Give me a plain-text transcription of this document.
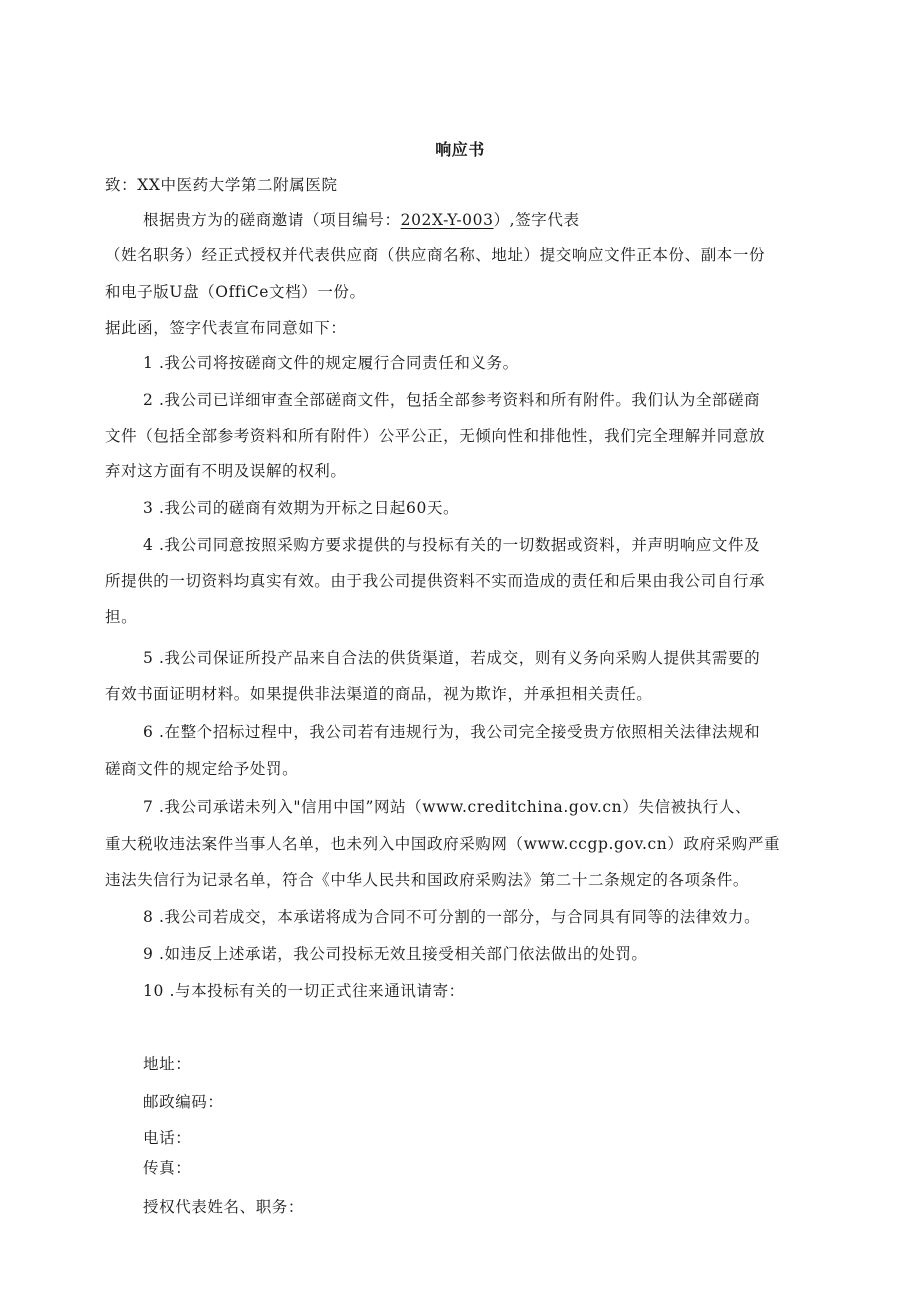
响应书
致：XX中医药大学第二附属医院
根据贵方为的磋商邀请（项目编号：202X-Y-003）,签字代表
（姓名职务）经正式授权并代表供应商（供应商名称、地址）提交响应文件正本份、副本一份
和电子版U盘（OffiCe文档）一份。
据此函，签字代表宣布同意如下：
1 .我公司将按磋商文件的规定履行合同责任和义务。
2 .我公司已详细审查全部磋商文件，包括全部参考资料和所有附件。我们认为全部磋商
文件（包括全部参考资料和所有附件）公平公正，无倾向性和排他性，我们完全理解并同意放
弃对这方面有不明及误解的权利。
3 .我公司的磋商有效期为开标之日起60天。
4 .我公司同意按照采购方要求提供的与投标有关的一切数据或资料，并声明响应文件及
所提供的一切资料均真实有效。由于我公司提供资料不实而造成的责任和后果由我公司自行承
担。
5 .我公司保证所投产品来自合法的供货渠道，若成交，则有义务向采购人提供其需要的
有效书面证明材料。如果提供非法渠道的商品，视为欺诈，并承担相关责任。
6 .在整个招标过程中，我公司若有违规行为，我公司完全接受贵方依照相关法律法规和
磋商文件的规定给予处罚。
7 .我公司承诺未列入"信用中国”网站（www.creditchina.gov.cn）失信被执行人、
重大税收违法案件当事人名单，也未列入中国政府采购网（www.ccgp.gov.cn）政府采购严重
违法失信行为记录名单，符合《中华人民共和国政府采购法》第二十二条规定的各项条件。
8 .我公司若成交，本承诺将成为合同不可分割的一部分，与合同具有同等的法律效力。
9 .如违反上述承诺，我公司投标无效且接受相关部门依法做出的处罚。
10 .与本投标有关的一切正式往来通讯请寄：
地址：
邮政编码：
电话：
传真：
授权代表姓名、职务：
